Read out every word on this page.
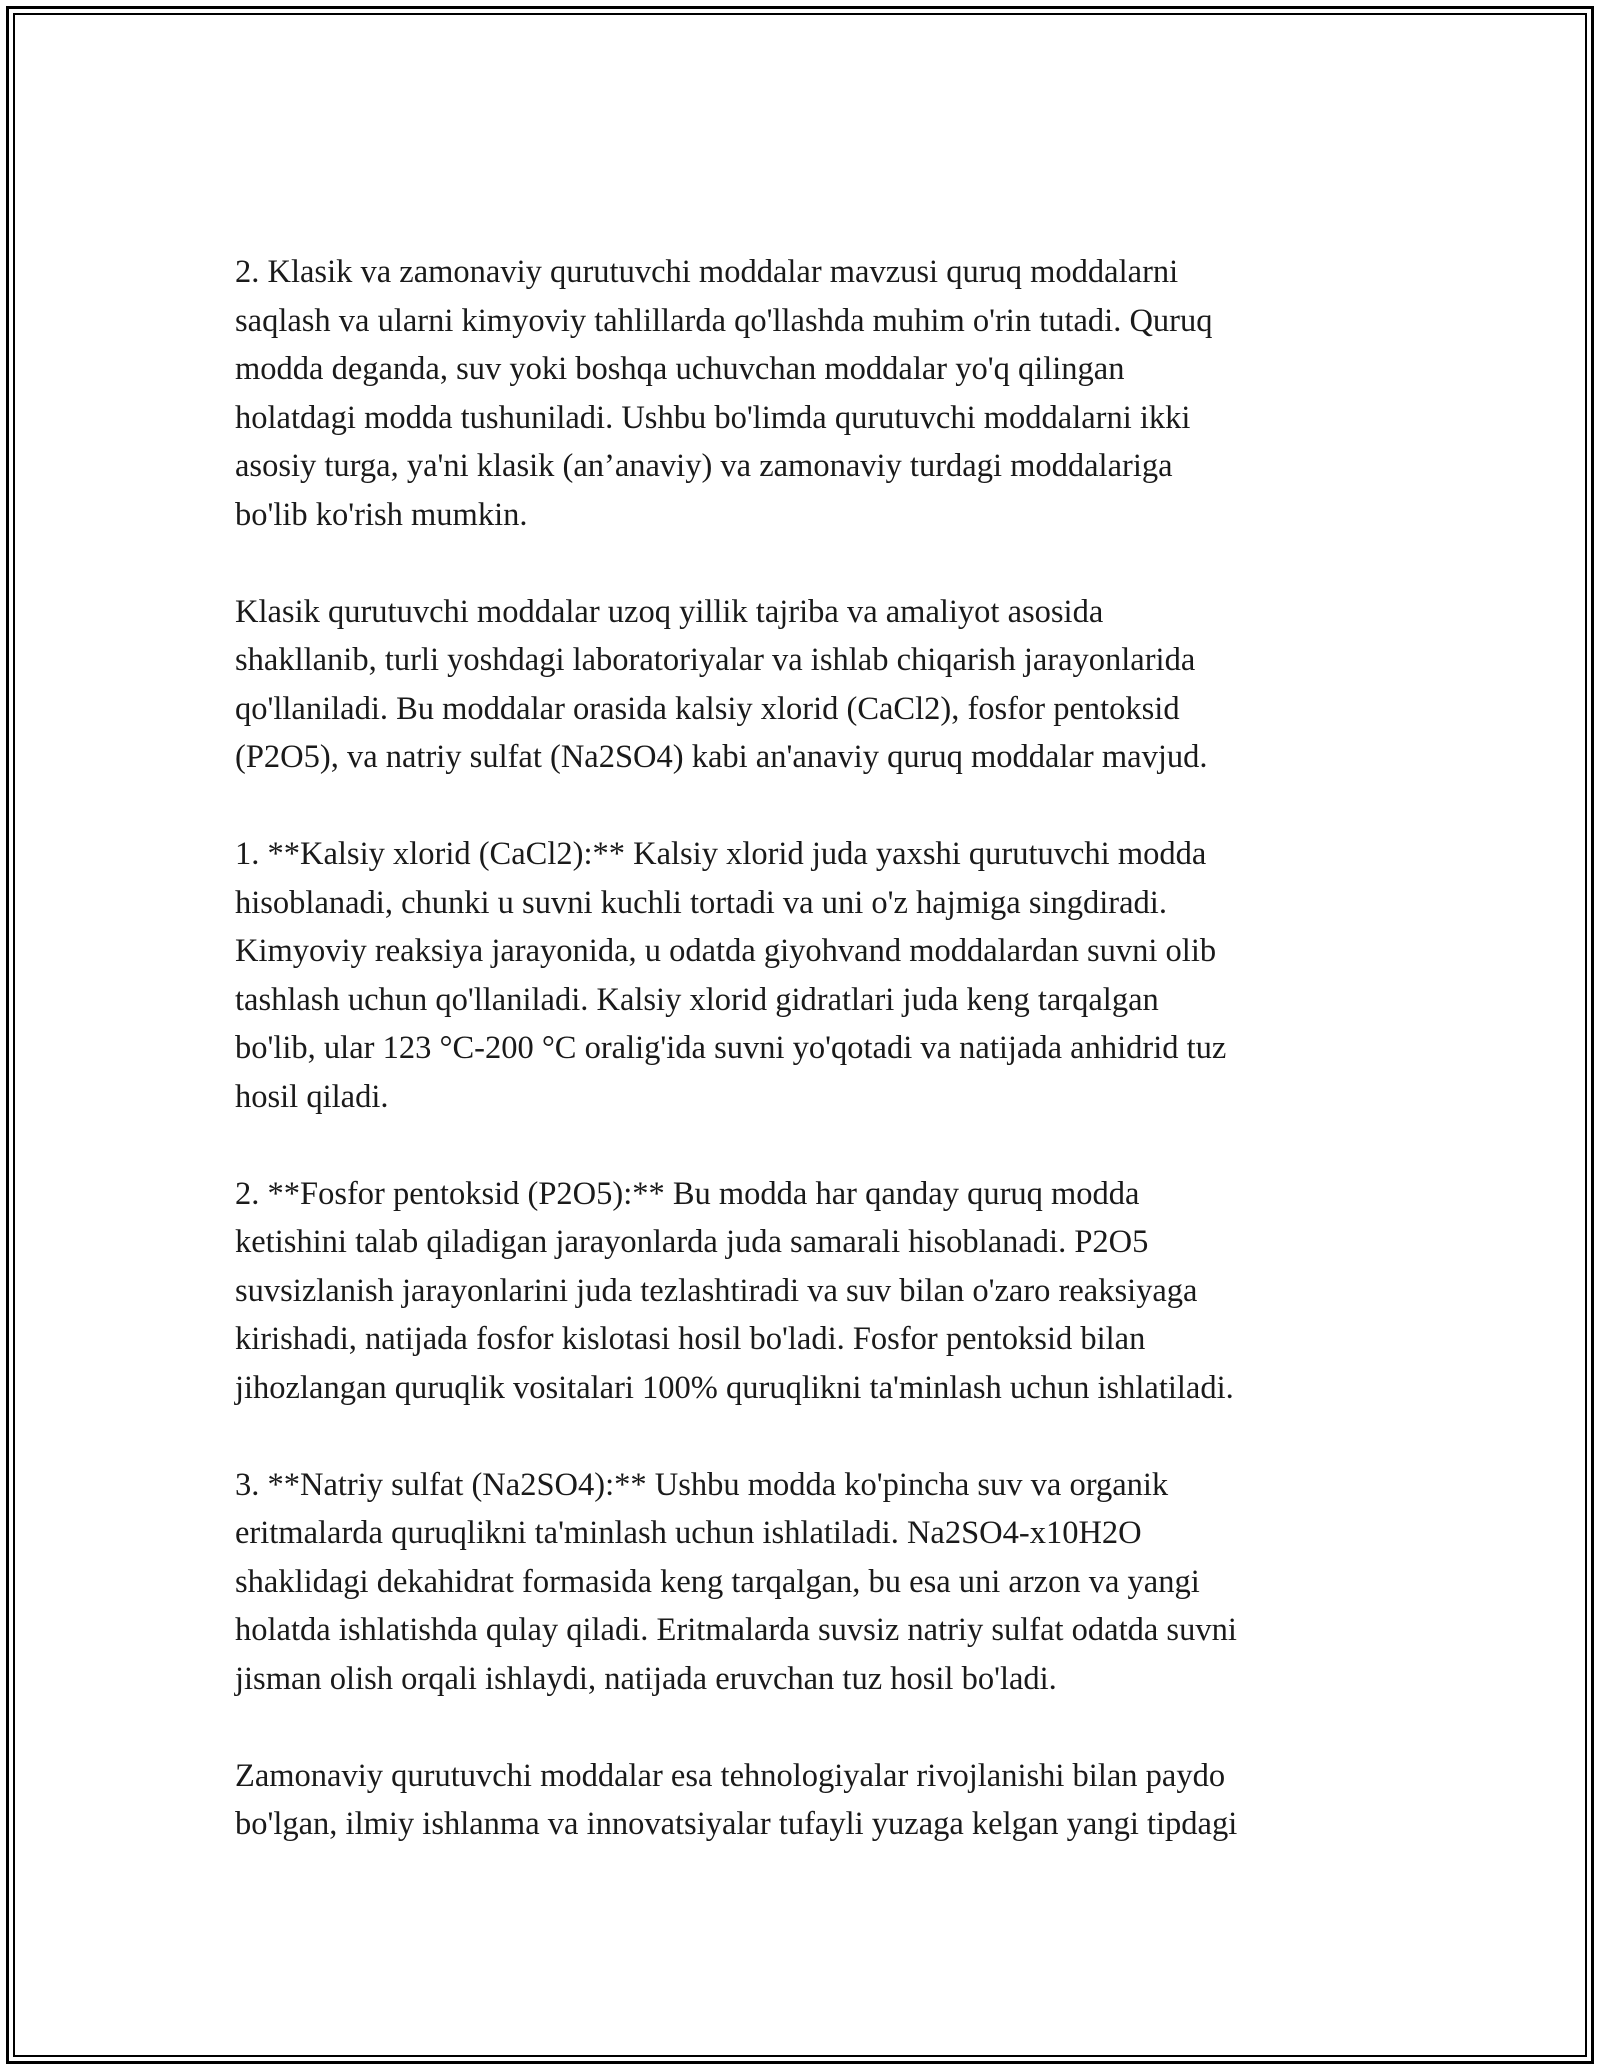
2. Klasik va zamonaviy qurutuvchi moddalar mavzusi quruq moddalarni
saqlash va ularni kimyoviy tahlillarda qo'llashda muhim o'rin tutadi. Quruq
modda deganda, suv yoki boshqa uchuvchan moddalar yo'q qilingan
holatdagi modda tushuniladi. Ushbu bo'limda qurutuvchi moddalarni ikki
asosiy turga, ya'ni klasik (an’anaviy) va zamonaviy turdagi moddalariga
bo'lib ko'rish mumkin.

Klasik qurutuvchi moddalar uzoq yillik tajriba va amaliyot asosida
shakllanib, turli yoshdagi laboratoriyalar va ishlab chiqarish jarayonlarida
qo'llaniladi. Bu moddalar orasida kalsiy xlorid (CaCl2), fosfor pentoksid
(P2O5), va natriy sulfat (Na2SO4) kabi an'anaviy quruq moddalar mavjud.

1. **Kalsiy xlorid (CaCl2):** Kalsiy xlorid juda yaxshi qurutuvchi modda
hisoblanadi, chunki u suvni kuchli tortadi va uni o'z hajmiga singdiradi.
Kimyoviy reaksiya jarayonida, u odatda giyohvand moddalardan suvni olib
tashlash uchun qo'llaniladi. Kalsiy xlorid gidratlari juda keng tarqalgan
bo'lib, ular 123 °C-200 °C oralig'ida suvni yo'qotadi va natijada anhidrid tuz
hosil qiladi.

2. **Fosfor pentoksid (P2O5):** Bu modda har qanday quruq modda
ketishini talab qiladigan jarayonlarda juda samarali hisoblanadi. P2O5
suvsizlanish jarayonlarini juda tezlashtiradi va suv bilan o'zaro reaksiyaga
kirishadi, natijada fosfor kislotasi hosil bo'ladi. Fosfor pentoksid bilan
jihozlangan quruqlik vositalari 100% quruqlikni ta'minlash uchun ishlatiladi.

3. **Natriy sulfat (Na2SO4):** Ushbu modda ko'pincha suv va organik
eritmalarda quruqlikni ta'minlash uchun ishlatiladi. Na2SO4-x10H2O
shaklidagi dekahidrat formasida keng tarqalgan, bu esa uni arzon va yangi
holatda ishlatishda qulay qiladi. Eritmalarda suvsiz natriy sulfat odatda suvni
jisman olish orqali ishlaydi, natijada eruvchan tuz hosil bo'ladi.

Zamonaviy qurutuvchi moddalar esa tehnologiyalar rivojlanishi bilan paydo
bo'lgan, ilmiy ishlanma va innovatsiyalar tufayli yuzaga kelgan yangi tipdagi
